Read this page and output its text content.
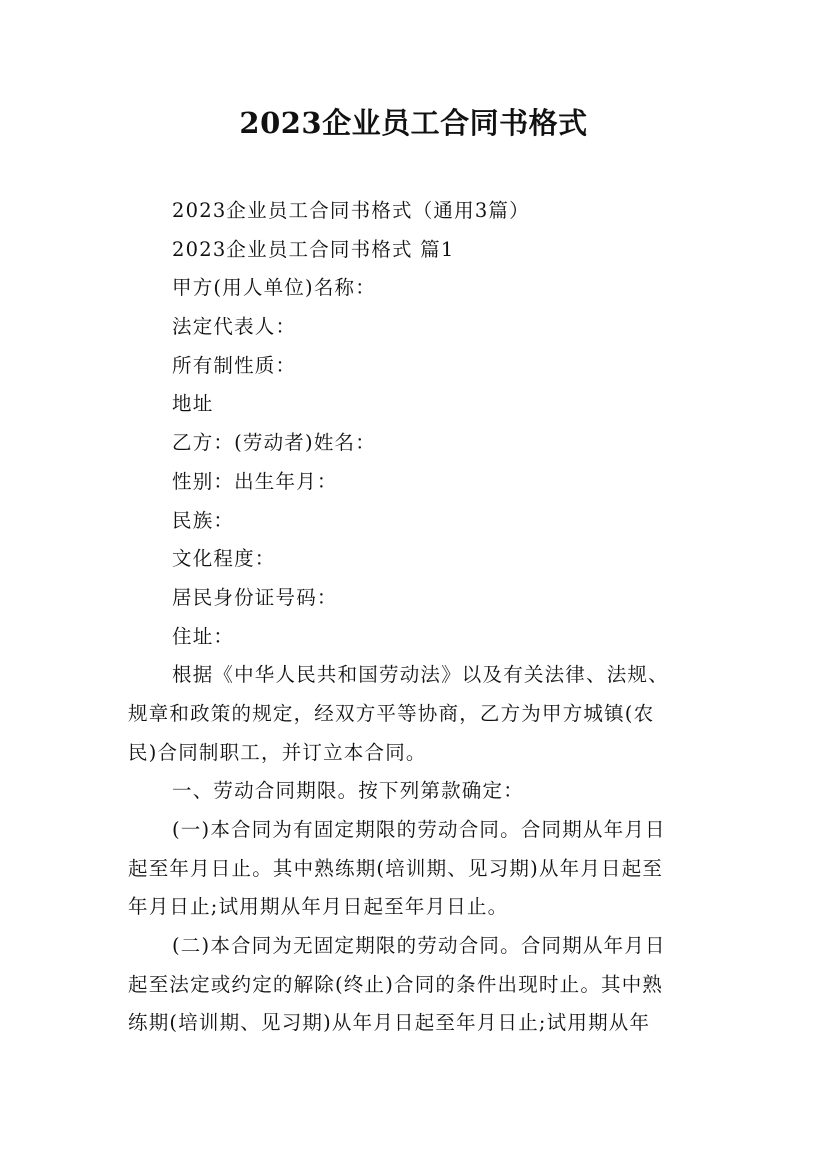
2023企业员工合同书格式

2023企业员工合同书格式（通用3篇）

2023企业员工合同书格式 篇1

甲方(用人单位)名称：

法定代表人：

所有制性质：

地址

乙方：(劳动者)姓名：

性别：出生年月：

民族：

文化程度：

居民身份证号码：

住址：

根据《中华人民共和国劳动法》以及有关法律、法规、

规章和政策的规定，经双方平等协商，乙方为甲方城镇(农

民)合同制职工，并订立本合同。

一、劳动合同期限。按下列第款确定：

(一)本合同为有固定期限的劳动合同。合同期从年月日

起至年月日止。其中熟练期(培训期、见习期)从年月日起至

年月日止;试用期从年月日起至年月日止。

(二)本合同为无固定期限的劳动合同。合同期从年月日

起至法定或约定的解除(终止)合同的条件出现时止。其中熟

练期(培训期、见习期)从年月日起至年月日止;试用期从年
